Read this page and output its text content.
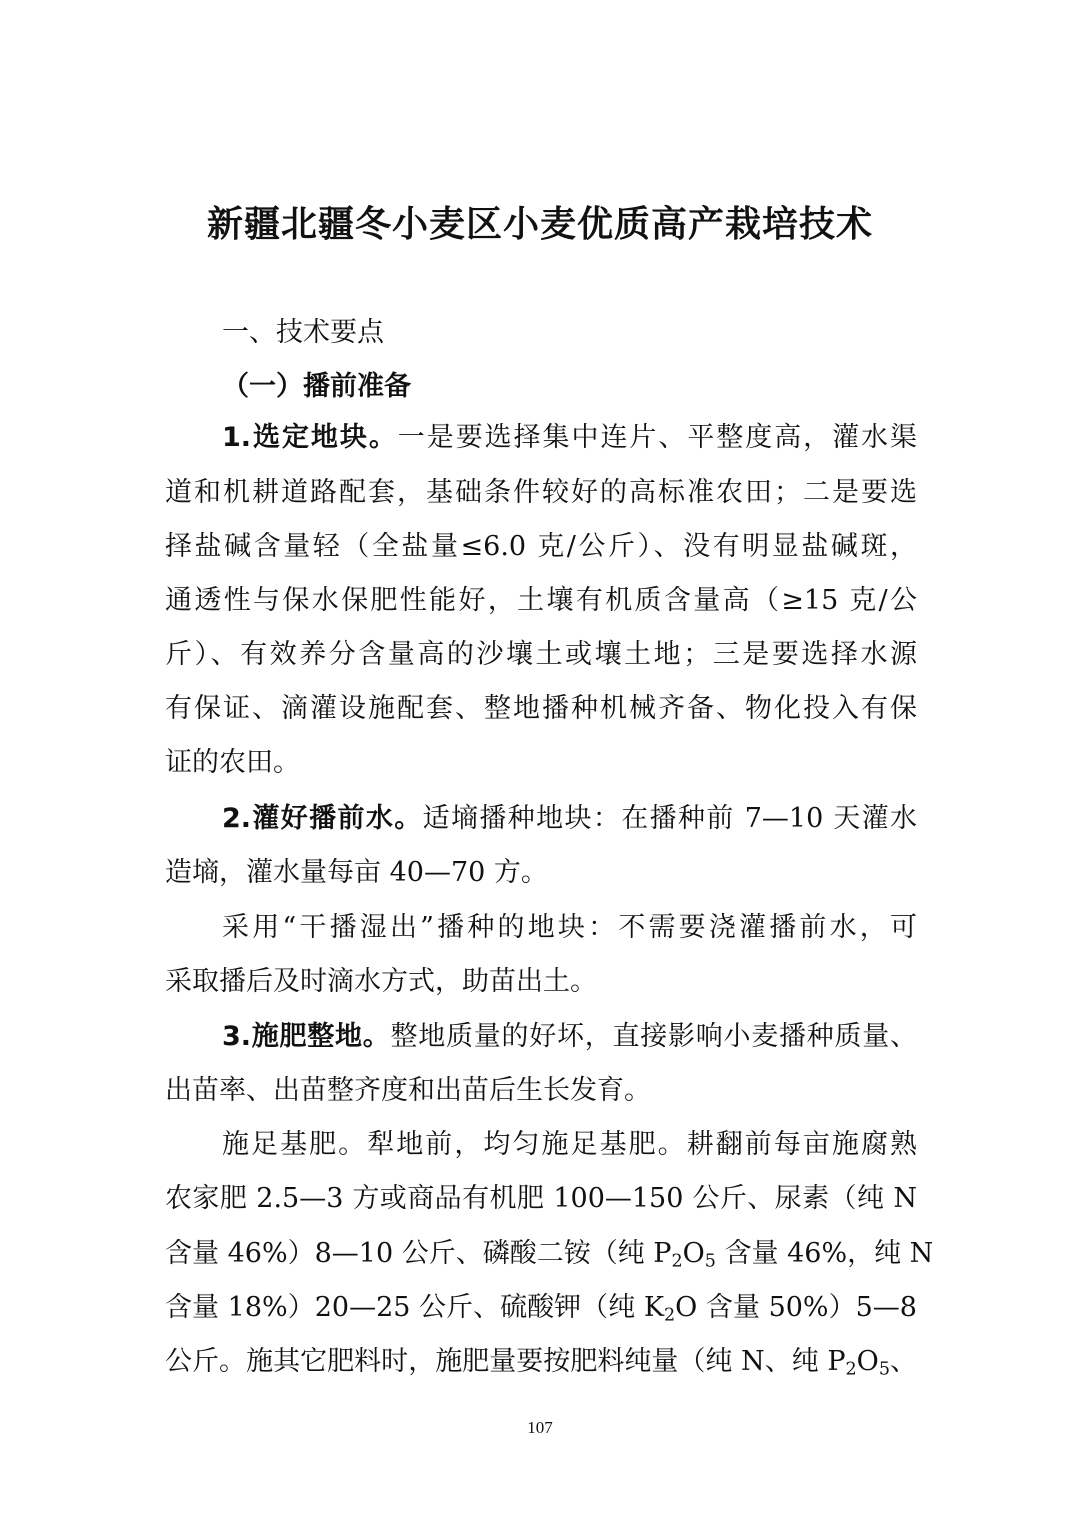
新疆北疆冬小麦区小麦优质高产栽培技术
一、技术要点
（一）播前准备
1.选定地块。一是要选择集中连片、平整度高，灌水渠
道和机耕道路配套，基础条件较好的高标准农田；二是要选
择盐碱含量轻（全盐量≤6.0 克/公斤）、没有明显盐碱斑，
通透性与保水保肥性能好，土壤有机质含量高（≥15 克/公
斤）、有效养分含量高的沙壤土或壤土地；三是要选择水源
有保证、滴灌设施配套、整地播种机械齐备、物化投入有保
证的农田。
2.灌好播前水。适墒播种地块：在播种前 7—10 天灌水
造墒，灌水量每亩 40—70 方。
采用“干播湿出”播种的地块：不需要浇灌播前水，可
采取播后及时滴水方式，助苗出土。
3.施肥整地。整地质量的好坏，直接影响小麦播种质量、
出苗率、出苗整齐度和出苗后生长发育。
施足基肥。犁地前，均匀施足基肥。耕翻前每亩施腐熟
农家肥 2.5—3 方或商品有机肥 100—150 公斤、尿素（纯 N
含量 46%）8—10 公斤、磷酸二铵（纯 $P_2O_5$ 含量 46%，纯 N
含量 18%）20—25 公斤、硫酸钾（纯 $K_2O$ 含量 50%）5—8
公斤。施其它肥料时，施肥量要按肥料纯量（纯 N、纯 $P_2O_5$、
107
